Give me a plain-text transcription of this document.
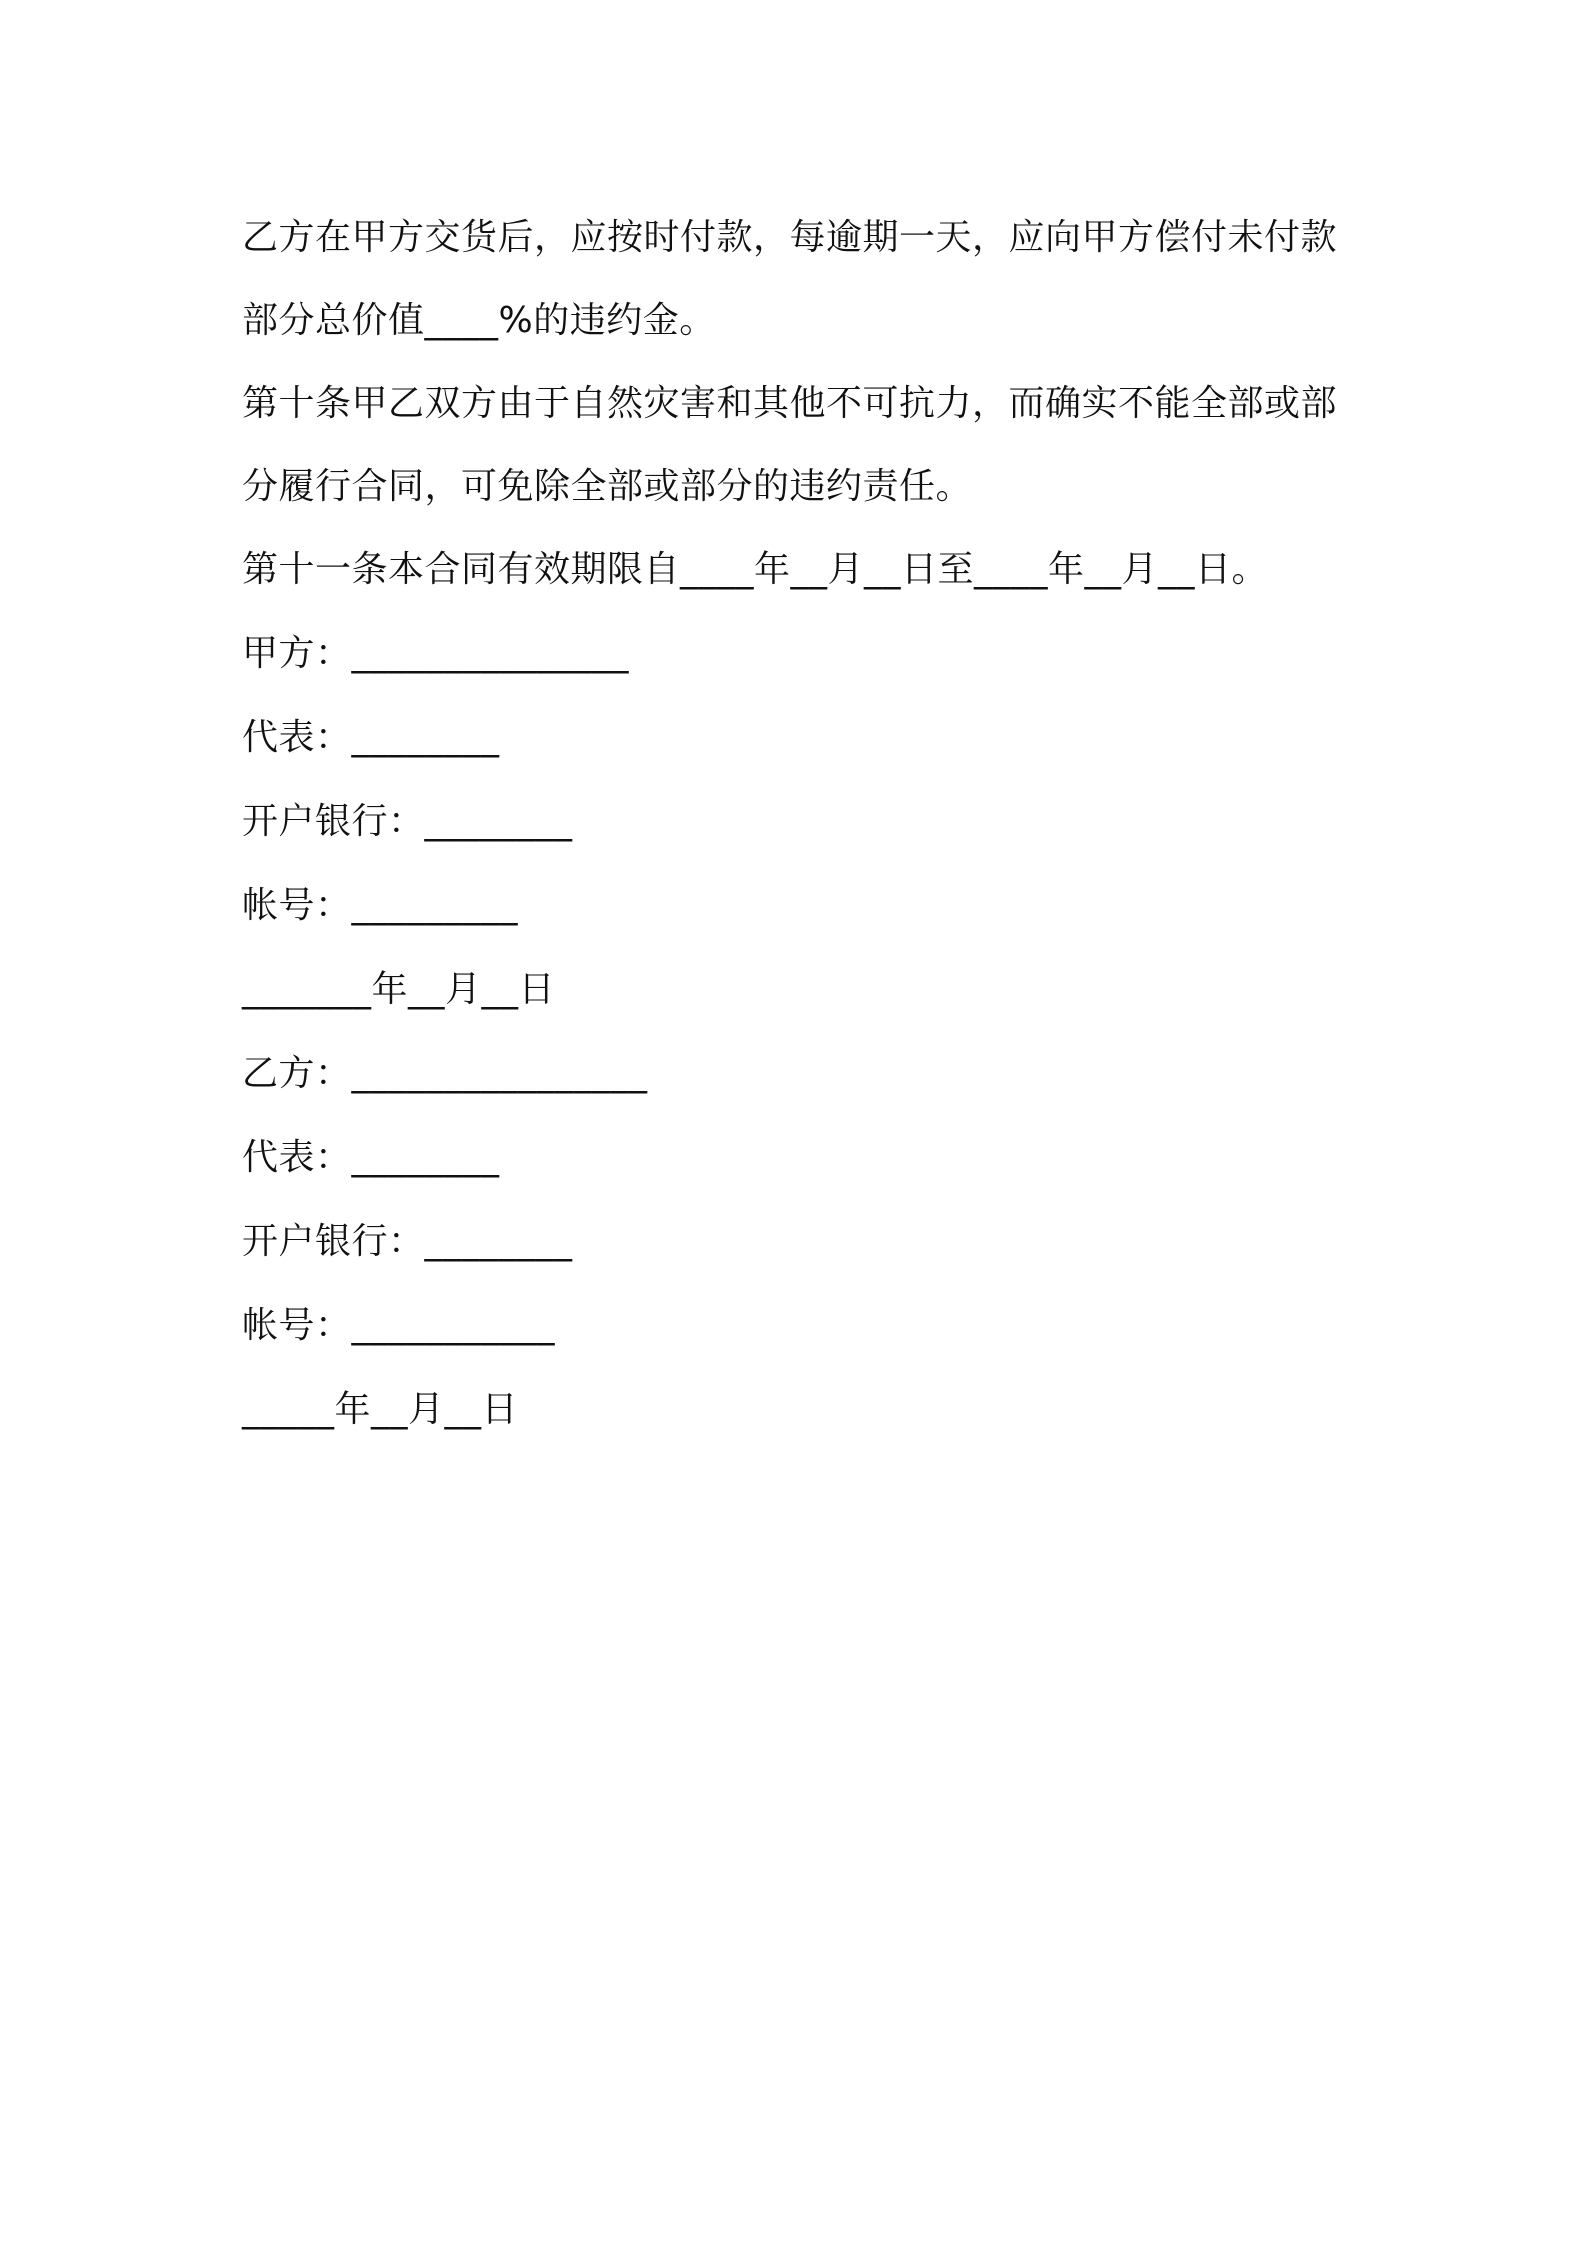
乙方在甲方交货后，应按时付款，每逾期一天，应向甲方偿付未付款部分总价值____%的违约金。

第十条甲乙双方由于自然灾害和其他不可抗力，而确实不能全部或部分履行合同，可免除全部或部分的违约责任。

第十一条本合同有效期限自____年__月__日至____年__月__日。

甲方：_______________

代表：________

开户银行：________

帐号：_________

_______年__月__日

乙方：________________

代表：________

开户银行：________

帐号：___________

_____年__月__日
